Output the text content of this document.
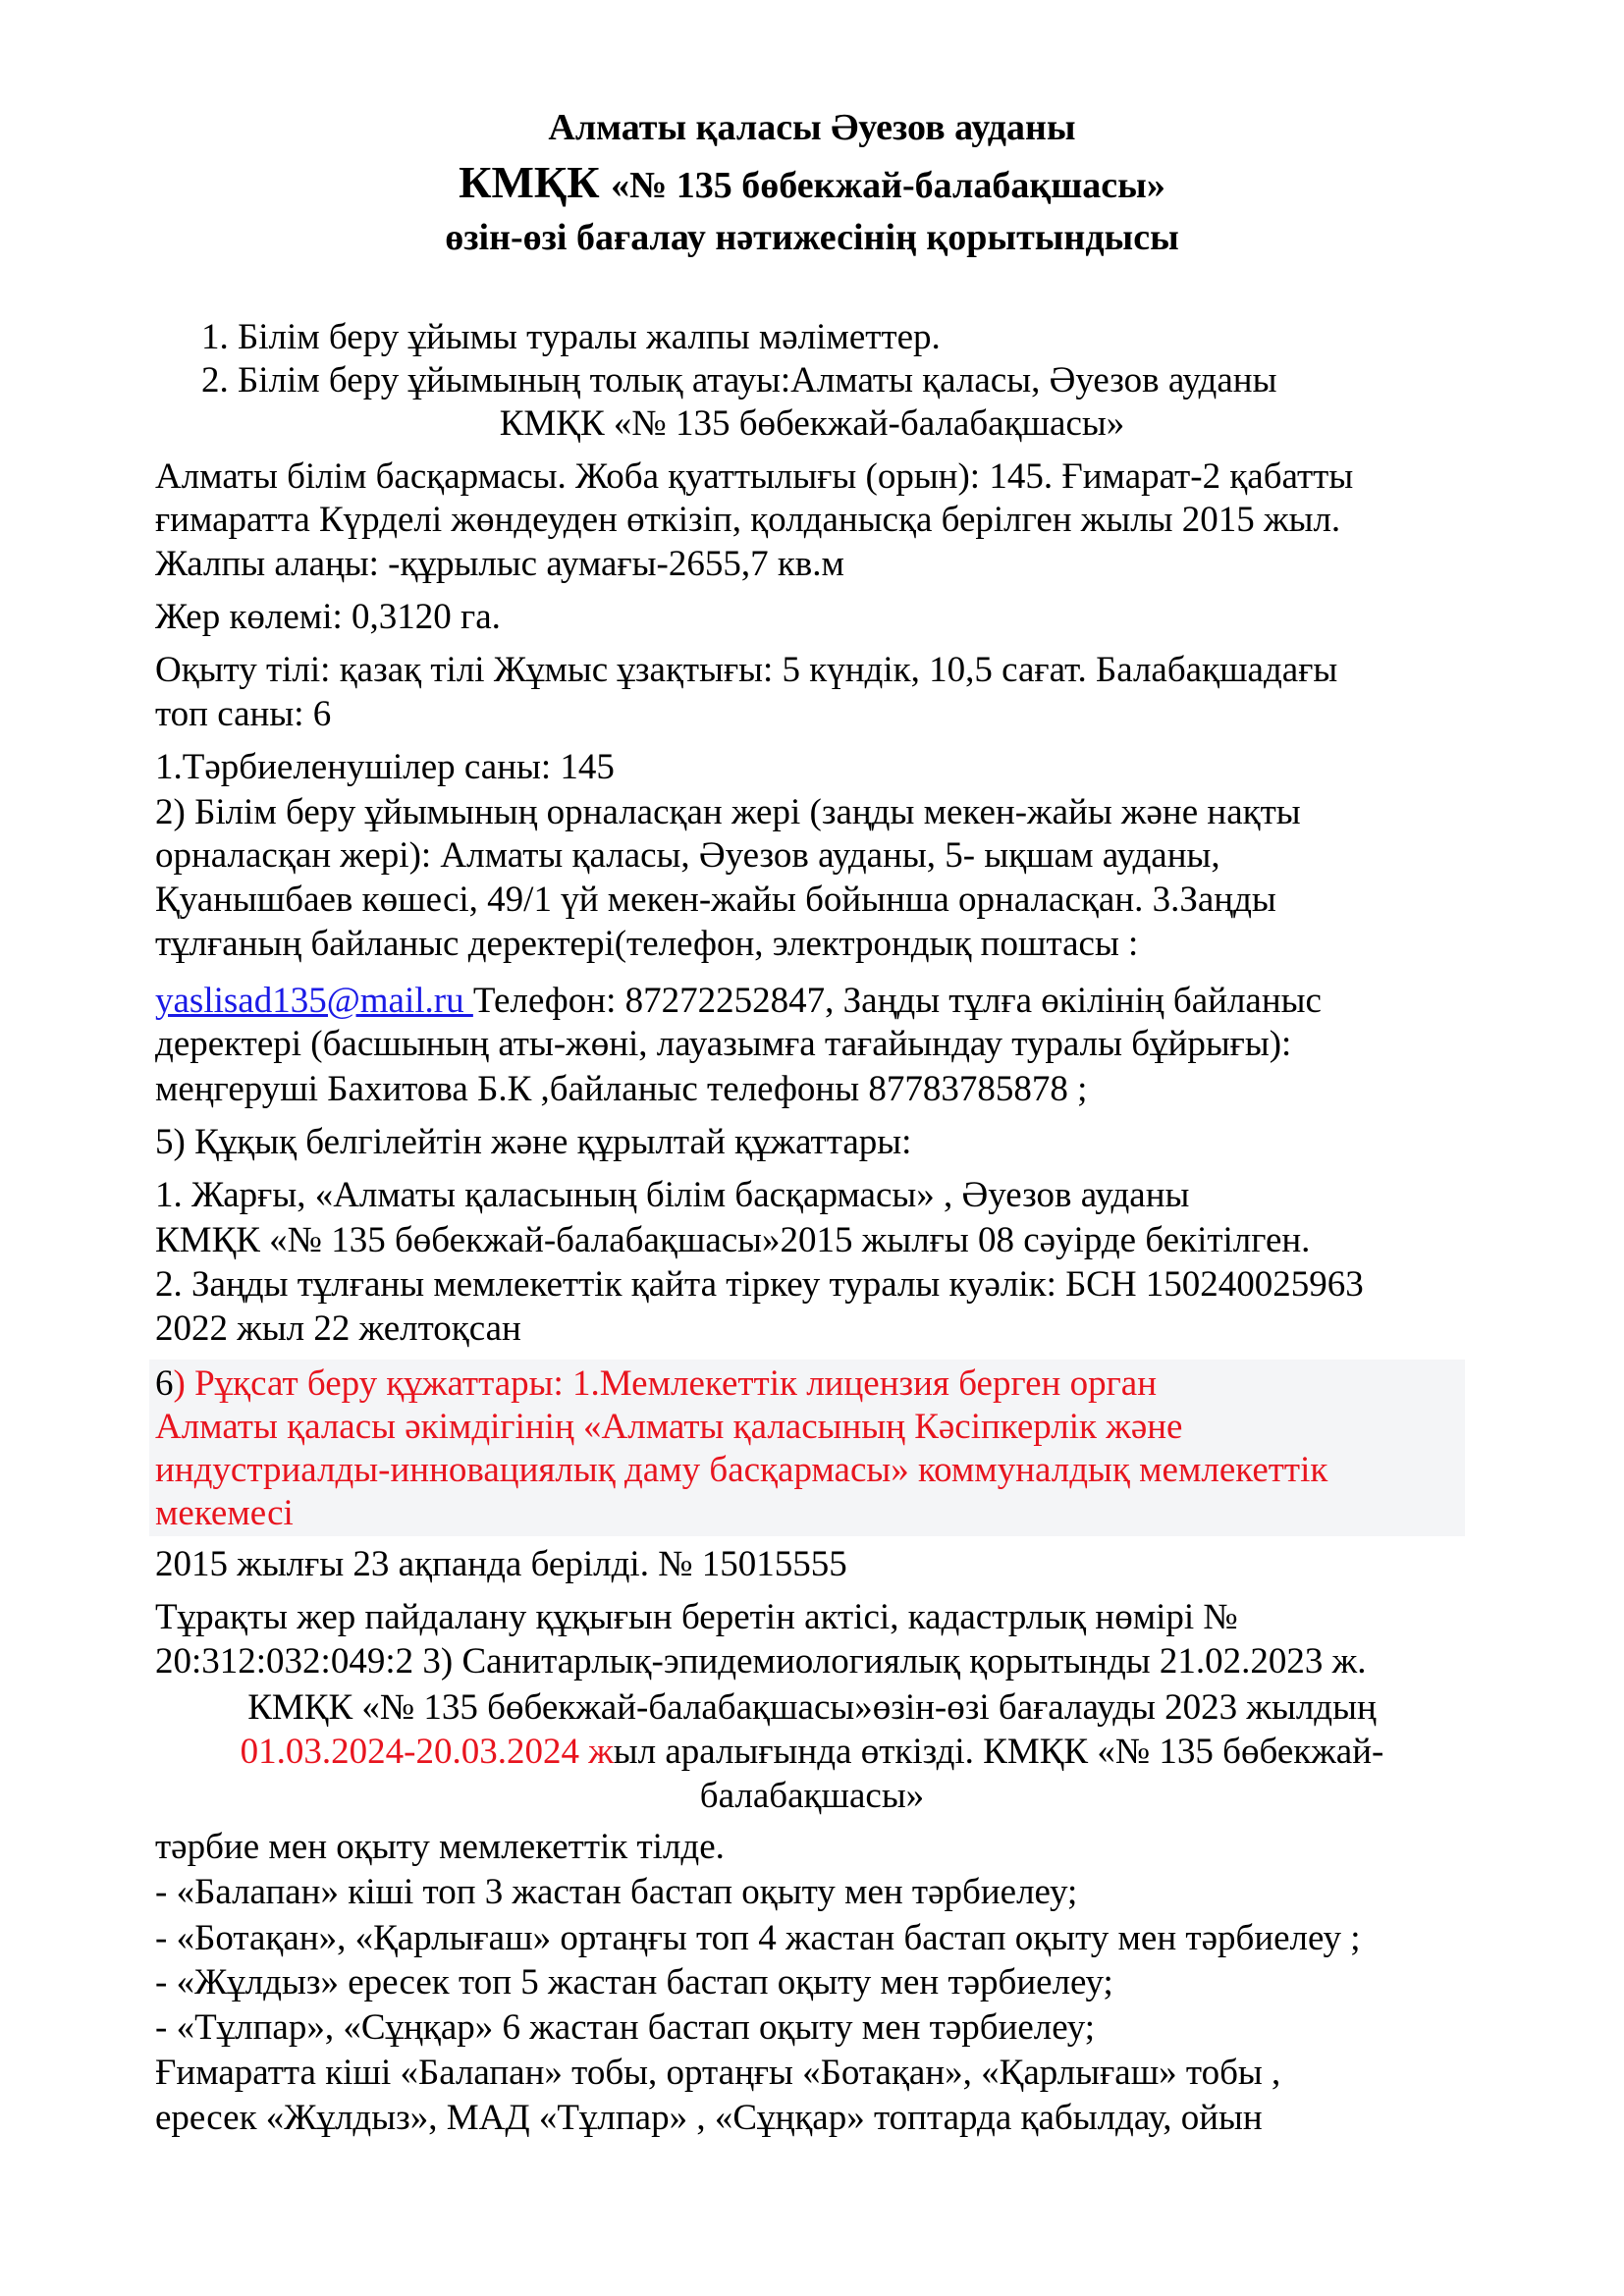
Алматы қаласы Әуезов ауданы
КМҚК «№ 135 бөбекжай-балабақшасы»
өзін-өзі бағалау нәтижесінің қорытындысы
1. Білім беру ұйымы туралы жалпы мәліметтер.
2. Білім беру ұйымының толық атауы:Алматы қаласы, Әуезов ауданы
КМҚК «№ 135 бөбекжай-балабақшасы»
Алматы білім басқармасы. Жоба қуаттылығы (орын): 145. Ғимарат-2 қабатты
ғимаратта Күрделі жөндеуден өткізіп, қолданысқа берілген жылы 2015 жыл.
Жалпы алаңы: -құрылыс аумағы-2655,7 кв.м
Жер көлемі: 0,3120 га.
Оқыту тілі: қазақ тілі Жұмыс ұзақтығы: 5 күндік, 10,5 сағат. Балабақшадағы
топ саны: 6
1.Тәрбиеленушілер саны: 145
2) Білім беру ұйымының орналасқан жері (заңды мекен-жайы және нақты
орналасқан жері): Алматы қаласы, Әуезов ауданы, 5- ықшам ауданы,
Қуанышбаев көшесі, 49/1 үй мекен-жайы бойынша орналасқан. 3.Заңды
тұлғаның байланыс деректері(телефон, электрондық поштасы :
yaslisad135@mail.ru Телефон: 87272252847, Заңды тұлға өкілінің байланыс
деректері (басшының аты-жөні, лауазымға тағайындау туралы бұйрығы):
меңгеруші Бахитова Б.К ,байланыс телефоны 87783785878 ;
5) Құқық белгілейтін және құрылтай құжаттары:
1. Жарғы, «Алматы қаласының білім басқармасы» , Әуезов ауданы
КМҚК «№ 135 бөбекжай-балабақшасы»2015 жылғы 08 сәуірде бекітілген.
2. Заңды тұлғаны мемлекеттік қайта тіркеу туралы куәлік: БСН 150240025963
2022 жыл 22 желтоқсан
6) Рұқсат беру құжаттары: 1.Мемлекеттік лицензия берген орган
Алматы қаласы әкімдігінің «Алматы қаласының Кәсіпкерлік және
индустриалды-инновациялық даму басқармасы» коммуналдық мемлекеттік
мекемесі
2015 жылғы 23 ақпанда берілді. № 15015555
Тұрақты жер пайдалану құқығын беретін актісі, кадастрлық нөмірі №
20:312:032:049:2 3) Санитарлық-эпидемиологиялық қорытынды 21.02.2023 ж.
КМҚК «№ 135 бөбекжай-балабақшасы»өзін-өзі бағалауды 2023 жылдың
01.03.2024-20.03.2024 жыл аралығында өткізді. КМҚК «№ 135 бөбекжай-
балабақшасы»
тәрбие мен оқыту мемлекеттік тілде.
- «Балапан» кіші топ 3 жастан бастап оқыту мен тәрбиелеу;
- «Ботақан», «Қарлығаш» ортаңғы топ 4 жастан бастап оқыту мен тәрбиелеу ;
- «Жұлдыз» ересек топ 5 жастан бастап оқыту мен тәрбиелеу;
- «Тұлпар», «Сұңқар» 6 жастан бастап оқыту мен тәрбиелеу;
Ғимаратта кіші «Балапан» тобы, ортаңғы «Ботақан», «Қарлығаш» тобы ,
ересек «Жұлдыз», МАД «Тұлпар» , «Сұңқар» топтарда қабылдау, ойын
